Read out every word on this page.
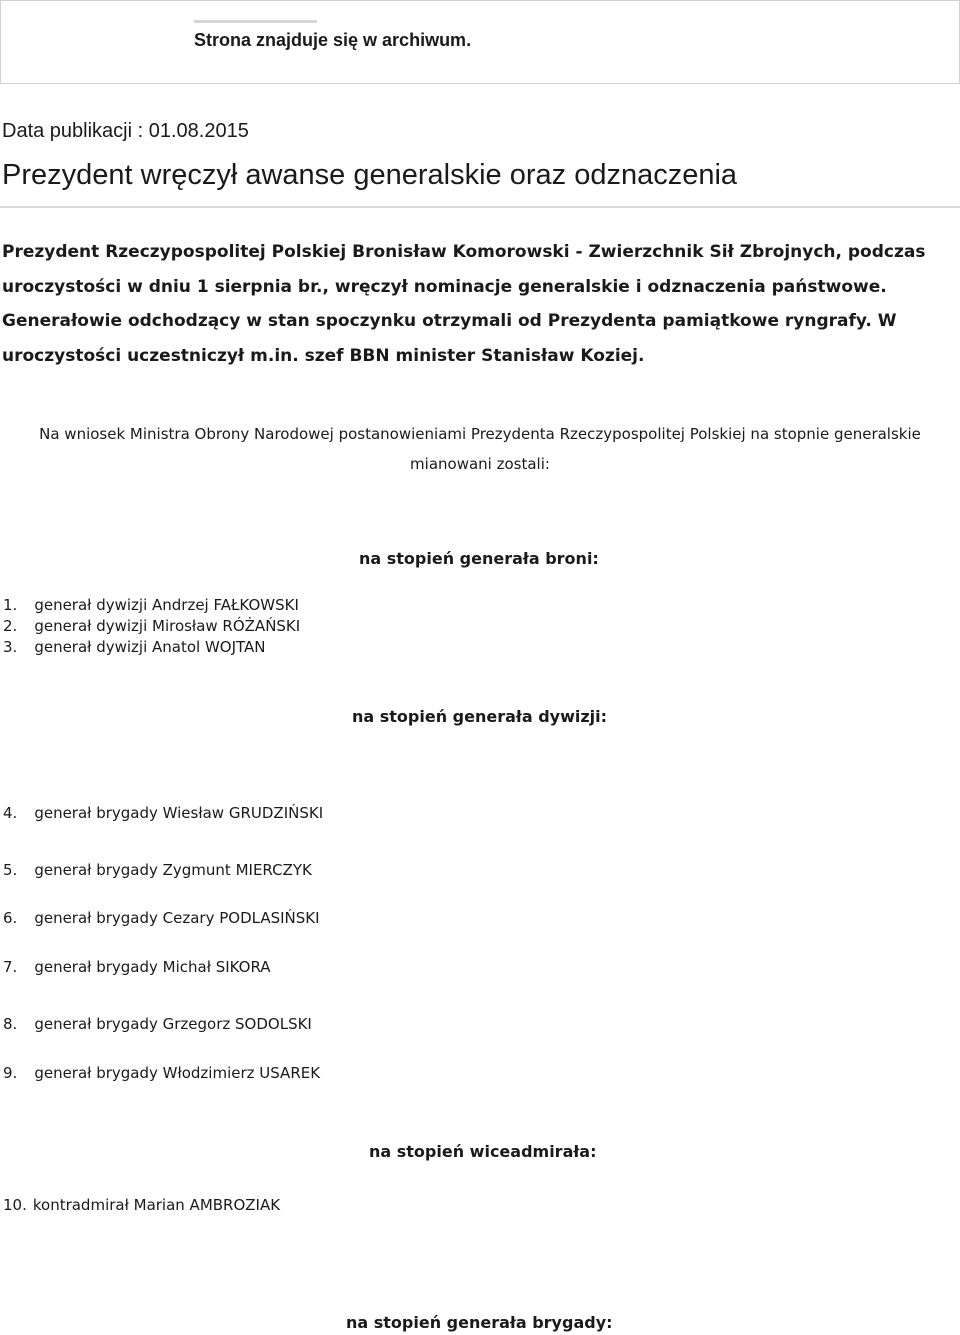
Strona znajduje się w archiwum.
Data publikacji : 01.08.2015
Prezydent wręczył awanse generalskie oraz odznaczenia
Prezydent Rzeczypospolitej Polskiej Bronisław Komorowski - Zwierzchnik Sił Zbrojnych, podczas uroczystości w dniu 1 sierpnia br., wręczył nominacje generalskie i odznaczenia państwowe. Generałowie odchodzący w stan spoczynku otrzymali od Prezydenta pamiątkowe ryngrafy. W uroczystości uczestniczył m.in. szef BBN minister Stanisław Koziej.
Na wniosek Ministra Obrony Narodowej postanowieniami Prezydenta Rzeczypospolitej Polskiej na stopnie generalskie mianowani zostali:
na stopień generała broni:
1. generał dywizji Andrzej FAŁKOWSKI
2. generał dywizji Mirosław RÓŻAŃSKI
3. generał dywizji Anatol WOJTAN
na stopień generała dywizji:
4. generał brygady Wiesław GRUDZIŃSKI
5. generał brygady Zygmunt MIERCZYK
6. generał brygady Cezary PODLASIŃSKI
7. generał brygady Michał SIKORA
8. generał brygady Grzegorz SODOLSKI
9. generał brygady Włodzimierz USAREK
na stopień wiceadmirała:
10. kontradmirał Marian AMBROZIAK
na stopień generała brygady:
